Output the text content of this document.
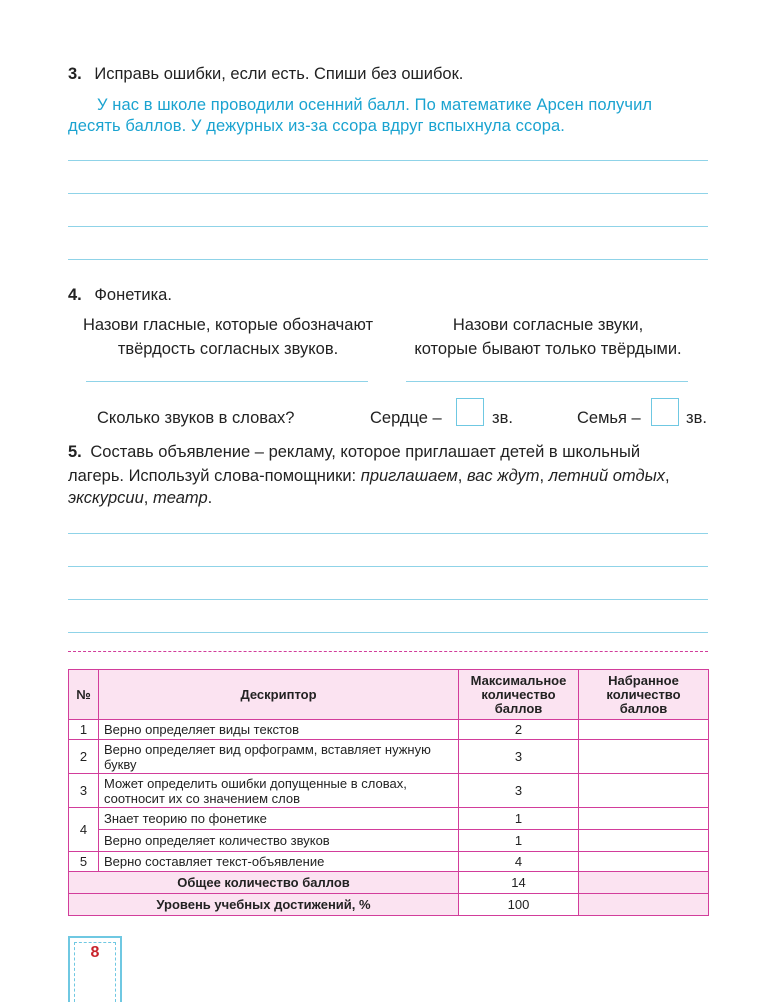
3. Исправь ошибки, если есть. Спиши без ошибок.
У нас в школе проводили осенний балл. По математике Арсен получил
десять баллов. У дежурных из-за ссора вдруг вспыхнула ссора.
4. Фонетика.
Назови гласные, которые обозначают
твёрдость согласных звуков.
Назови согласные звуки,
которые бывают только твёрдыми.
Сколько звуков в словах?	Сердце –	зв.	Семья –	зв.
5. Составь объявление – рекламу, которое приглашает детей в школьный
лагерь. Используй слова-помощники: приглашаем, вас ждут, летний отдых,
экскурсии, театр.
№	Дескриптор	Максимальное количество баллов	Набранное количество баллов
1	Верно определяет виды текстов	2	
2	Верно определяет вид орфограмм, вставляет нужную букву	3	
3	Может определить ошибки допущенные в словах, соотносит их со значением слов	3	
4	Знает теорию по фонетике	1	
	Верно определяет количество звуков	1	
5	Верно составляет текст-объявление	4	
Общее количество баллов		14	
Уровень учебных достижений, %		100	
8
